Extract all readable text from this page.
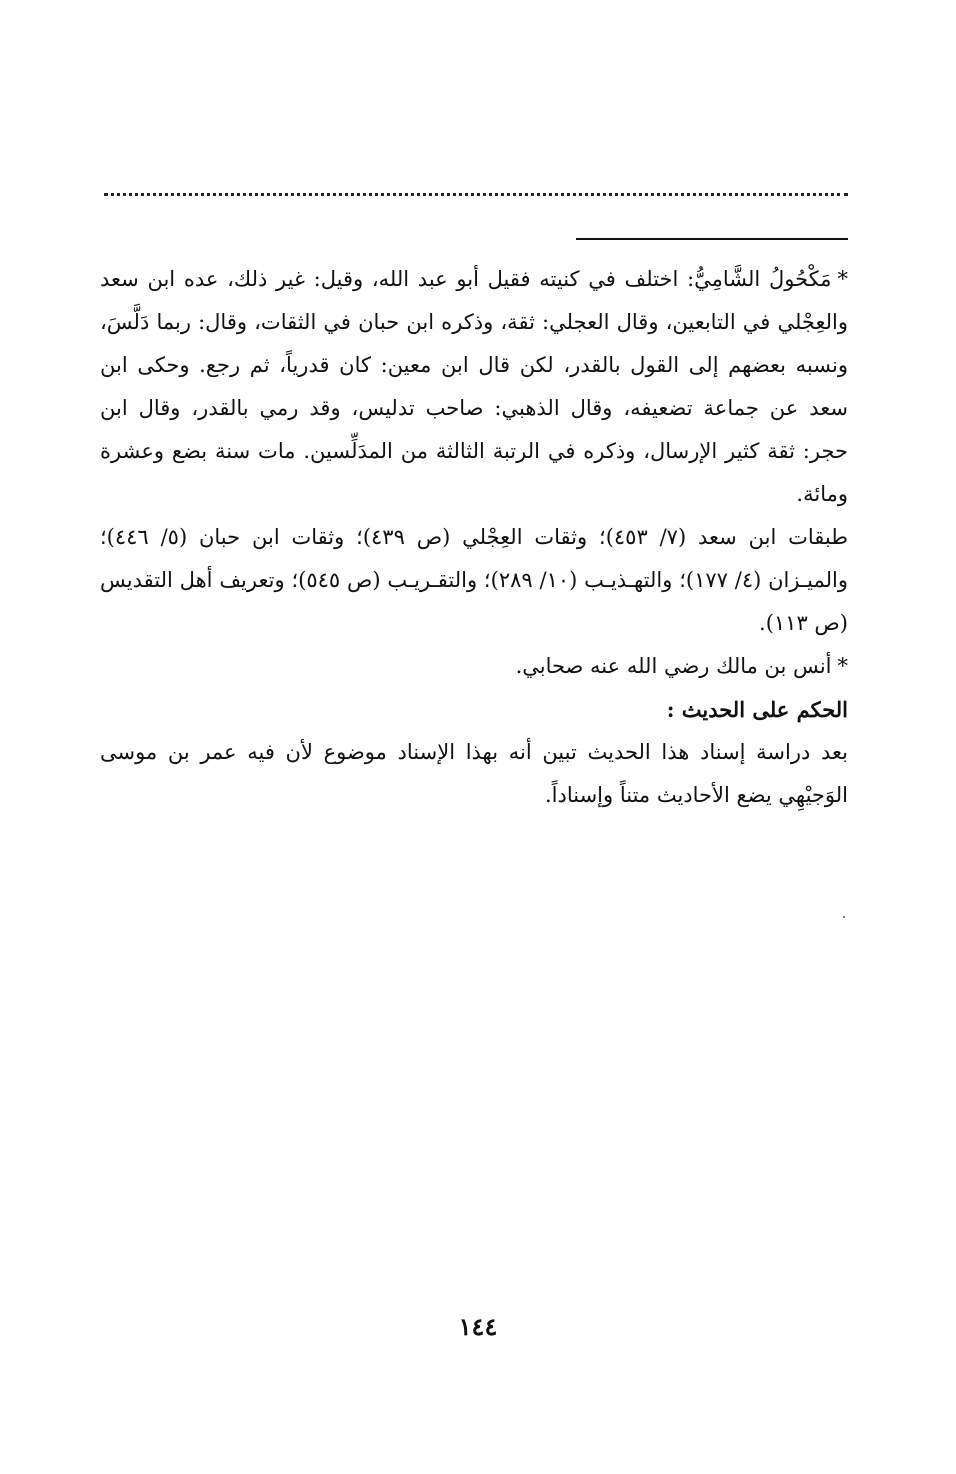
*مَكْحُولُ الشَّامِيُّ: اختلف في كنيته فقيل أبو عبد الله، وقيل: غير ذلك، عده ابن سعد والعِجْلي في التابعين، وقال العجلي: ثقة، وذكره ابن حبان في الثقات، وقال: ربما دَلَّسَ، ونسبه بعضهم إلى القول بالقدر، لكن قال ابن معين: كان قدرياً، ثم رجع. وحكى ابن سعد عن جماعة تضعيفه، وقال الذهبي: صاحب تدليس، وقد رمي بالقدر، وقال ابن حجر: ثقة كثير الإرسال، وذكره في الرتبة الثالثة من المدَلِّسين. مات سنة بضع وعشرة ومائة.

طبقات ابن سعد (٧/ ٤٥٣)؛ وثقات العِجْلي (ص ٤٣٩)؛ وثقات ابن حبان (٥/ ٤٤٦)؛ والميـزان (٤/ ١٧٧)؛ والتهـذيـب (١٠/ ٢٨٩)؛ والتقـريـب (ص ٥٤٥)؛ وتعريف أهل التقديس (ص ١١٣).

*أنس بن مالك رضي الله عنه صحابي.

الحكم على الحديث :

بعد دراسة إسناد هذا الحديث تبين أنه بهذا الإسناد موضوع لأن فيه عمر بن موسى الوَجيْهِي يضع الأحاديث متناً وإسناداً.

١٤٤
